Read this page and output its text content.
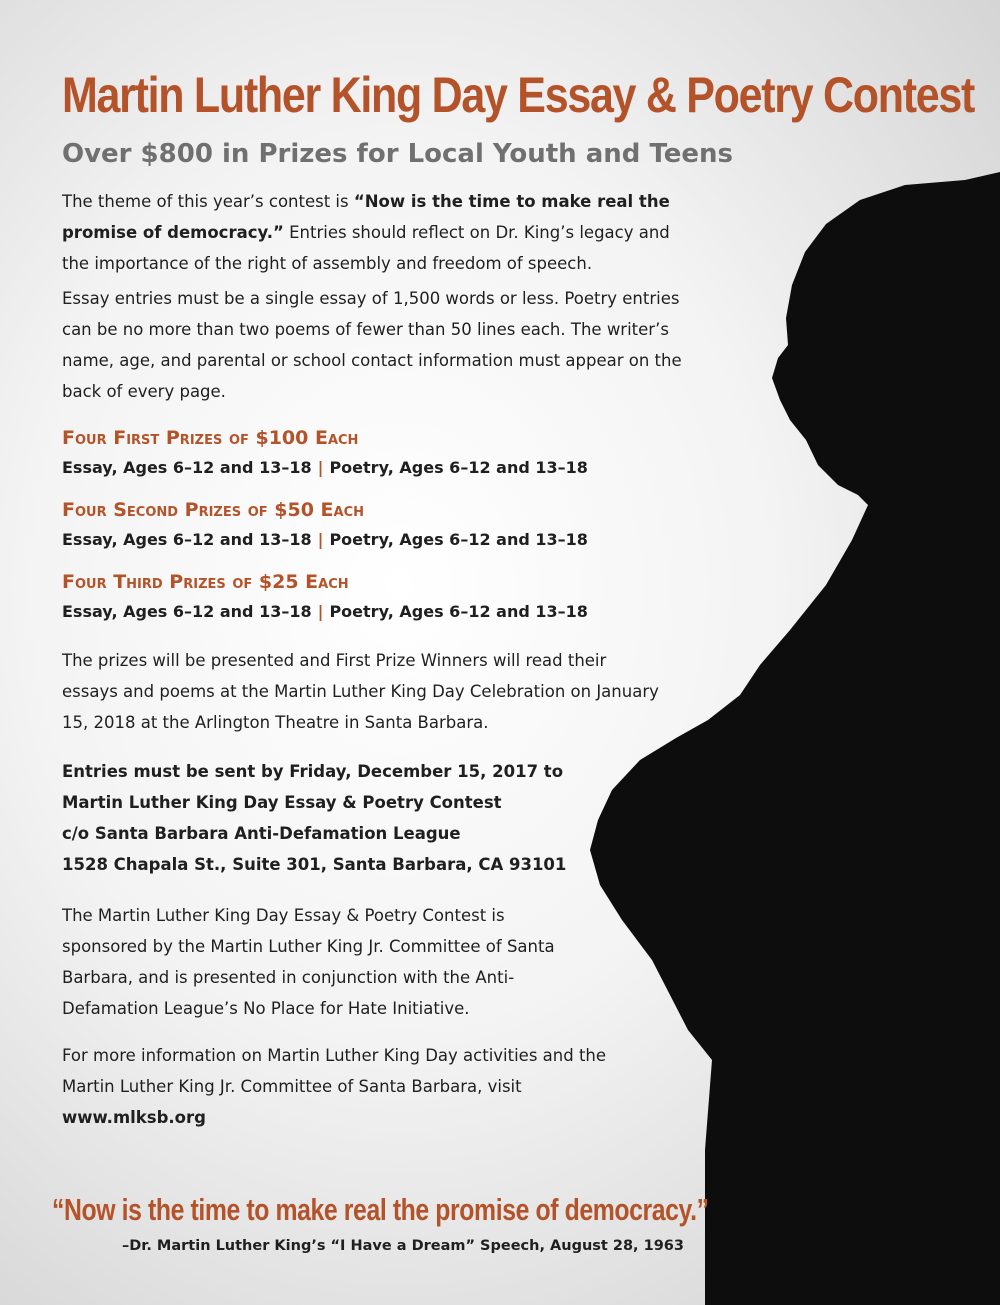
Martin Luther King Day Essay & Poetry Contest
Over $800 in Prizes for Local Youth and Teens

The theme of this year’s contest is “Now is the time to make real the promise of democracy.” Entries should reflect on Dr. King’s legacy and the importance of the right of assembly and freedom of speech.

Essay entries must be a single essay of 1,500 words or less. Poetry entries can be no more than two poems of fewer than 50 lines each. The writer’s name, age, and parental or school contact information must appear on the back of every page.

Four First Prizes of $100 Each
Essay, Ages 6–12 and 13–18 | Poetry, Ages 6–12 and 13–18
Four Second Prizes of $50 Each
Essay, Ages 6–12 and 13–18 | Poetry, Ages 6–12 and 13–18
Four Third Prizes of $25 Each
Essay, Ages 6–12 and 13–18 | Poetry, Ages 6–12 and 13–18

The prizes will be presented and First Prize Winners will read their essays and poems at the Martin Luther King Day Celebration on January 15, 2018 at the Arlington Theatre in Santa Barbara.

Entries must be sent by Friday, December 15, 2017 to
Martin Luther King Day Essay & Poetry Contest
c/o Santa Barbara Anti-Defamation League
1528 Chapala St., Suite 301, Santa Barbara, CA 93101

The Martin Luther King Day Essay & Poetry Contest is sponsored by the Martin Luther King Jr. Committee of Santa Barbara, and is presented in conjunction with the Anti-Defamation League’s No Place for Hate Initiative.

For more information on Martin Luther King Day activities and the Martin Luther King Jr. Committee of Santa Barbara, visit www.mlksb.org

“Now is the time to make real the promise of democracy.”
–Dr. Martin Luther King’s “I Have a Dream” Speech, August 28, 1963
